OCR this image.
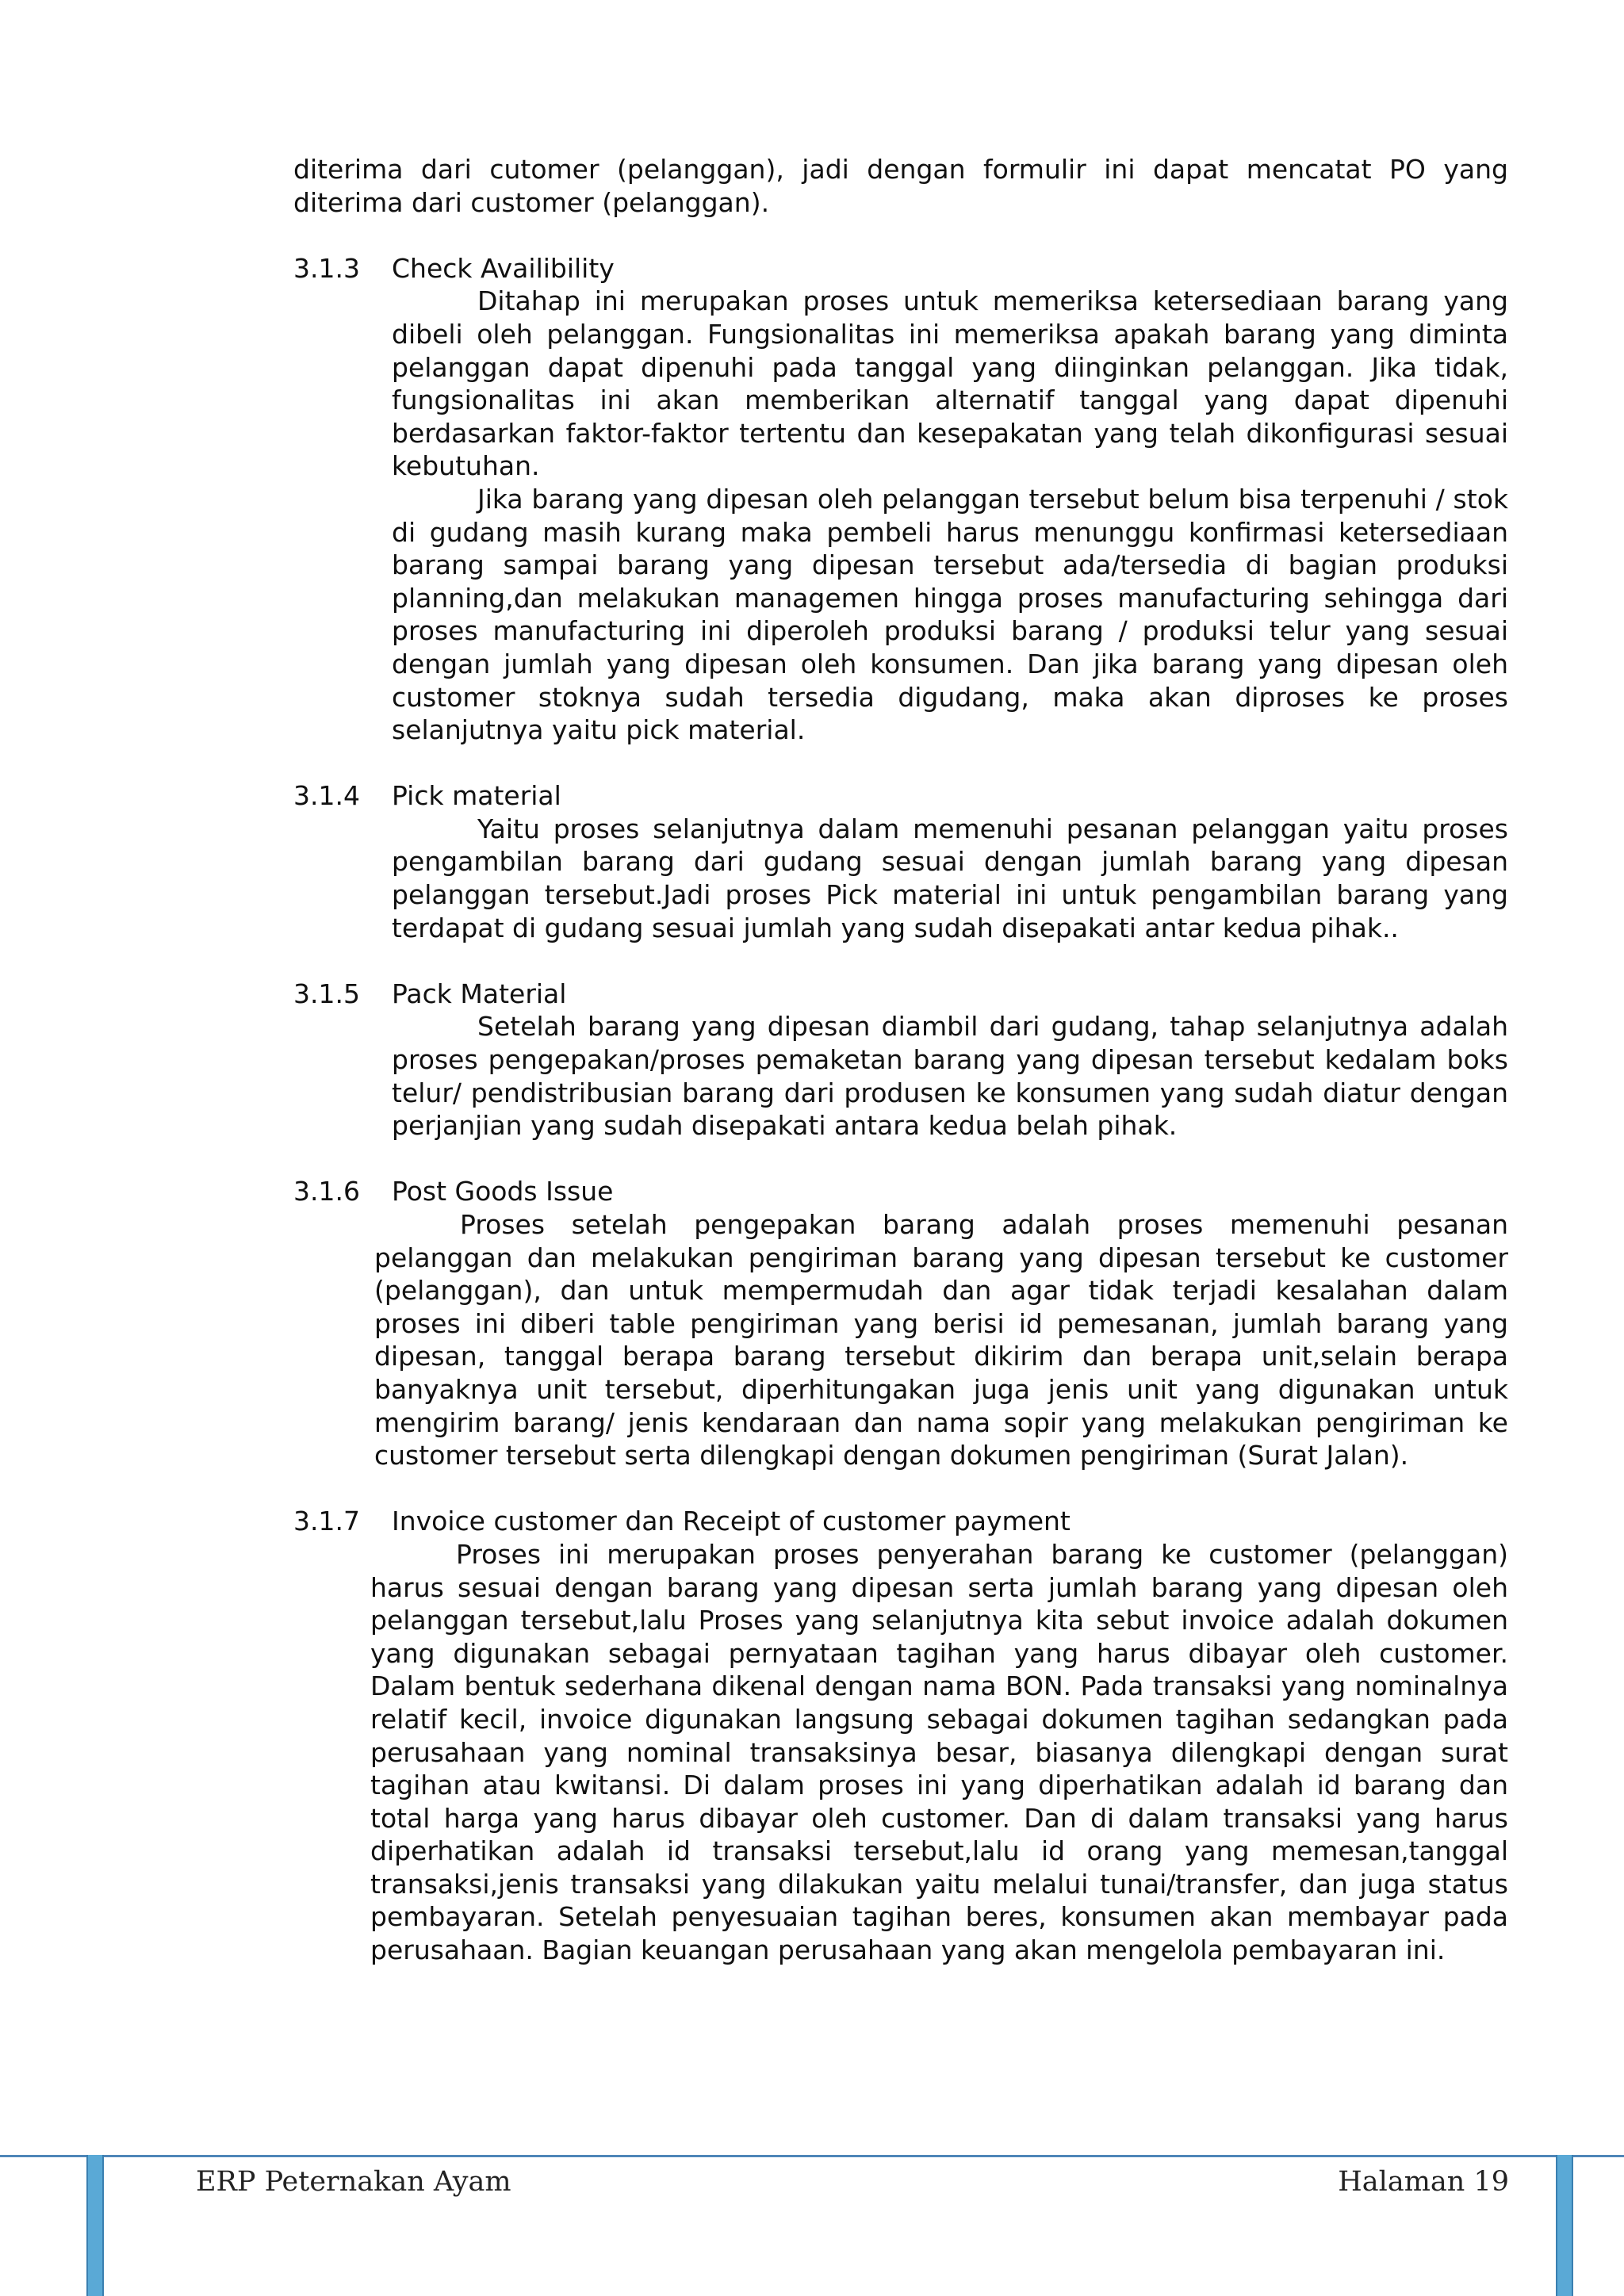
diterima dari cutomer (pelanggan), jadi dengan formulir ini dapat mencatat PO yang diterima dari customer (pelanggan).

3.1.3 Check Availibility

Ditahap ini merupakan proses untuk memeriksa ketersediaan barang yang dibeli oleh pelanggan. Fungsionalitas ini memeriksa apakah barang yang diminta pelanggan dapat dipenuhi pada tanggal yang diinginkan pelanggan. Jika tidak, fungsionalitas ini akan memberikan alternatif tanggal yang dapat dipenuhi berdasarkan faktor-faktor tertentu dan kesepakatan yang telah dikonfigurasi sesuai kebutuhan.

Jika barang yang dipesan oleh pelanggan tersebut belum bisa terpenuhi / stok di gudang masih kurang maka pembeli harus menunggu konfirmasi ketersediaan barang sampai barang yang dipesan tersebut ada/tersedia di bagian produksi planning,dan melakukan managemen hingga proses manufacturing sehingga dari proses manufacturing ini diperoleh produksi barang / produksi telur yang sesuai dengan jumlah yang dipesan oleh konsumen. Dan jika barang yang dipesan oleh customer stoknya sudah tersedia digudang, maka akan diproses ke proses selanjutnya yaitu pick material.

3.1.4 Pick material

Yaitu proses selanjutnya dalam memenuhi pesanan pelanggan yaitu proses pengambilan barang dari gudang sesuai dengan jumlah barang yang dipesan pelanggan tersebut.Jadi proses Pick material ini untuk pengambilan barang yang terdapat di gudang sesuai jumlah yang sudah disepakati antar kedua pihak..

3.1.5 Pack Material

Setelah barang yang dipesan diambil dari gudang, tahap selanjutnya adalah proses pengepakan/proses pemaketan barang yang dipesan tersebut kedalam boks telur/ pendistribusian barang dari produsen ke konsumen yang sudah diatur dengan perjanjian yang sudah disepakati antara kedua belah pihak.

3.1.6 Post Goods Issue

Proses setelah pengepakan barang adalah proses memenuhi pesanan pelanggan dan melakukan pengiriman barang yang dipesan tersebut ke customer (pelanggan), dan untuk mempermudah dan agar tidak terjadi kesalahan dalam proses ini diberi table pengiriman yang berisi id pemesanan, jumlah barang yang dipesan, tanggal berapa barang tersebut dikirim dan berapa unit,selain berapa banyaknya unit tersebut, diperhitungakan juga jenis unit yang digunakan untuk mengirim barang/ jenis kendaraan dan nama sopir yang melakukan pengiriman ke customer tersebut serta dilengkapi dengan dokumen pengiriman (Surat Jalan).

3.1.7 Invoice customer dan Receipt of customer payment

Proses ini merupakan proses penyerahan barang ke customer (pelanggan) harus sesuai dengan barang yang dipesan serta jumlah barang yang dipesan oleh pelanggan tersebut,lalu Proses yang selanjutnya kita sebut invoice adalah dokumen yang digunakan sebagai pernyataan tagihan yang harus dibayar oleh customer. Dalam bentuk sederhana dikenal dengan nama BON. Pada transaksi yang nominalnya relatif kecil, invoice digunakan langsung sebagai dokumen tagihan sedangkan pada perusahaan yang nominal transaksinya besar, biasanya dilengkapi dengan surat tagihan atau kwitansi. Di dalam proses ini yang diperhatikan adalah id barang dan total harga yang harus dibayar oleh customer. Dan di dalam transaksi yang harus diperhatikan adalah id transaksi tersebut,lalu id orang yang memesan,tanggal transaksi,jenis transaksi yang dilakukan yaitu melalui tunai/transfer, dan juga status pembayaran. Setelah penyesuaian tagihan beres, konsumen akan membayar pada perusahaan. Bagian keuangan perusahaan yang akan mengelola pembayaran ini.

ERP Peternakan Ayam	Halaman 19
